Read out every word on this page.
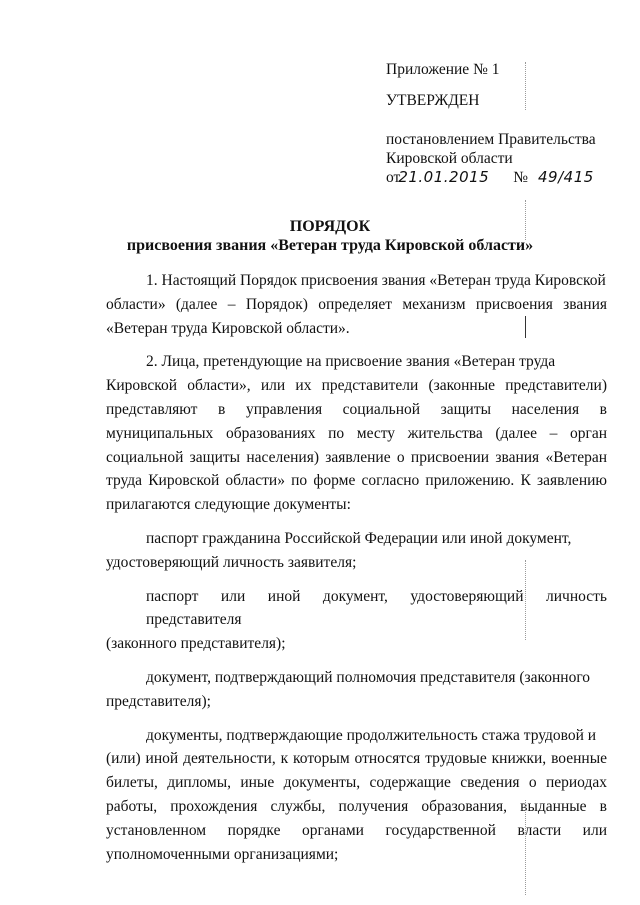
Приложение № 1
УТВЕРЖДЕН
постановлением Правительства
Кировской области
от21.01.2015 № 49/415
ПОРЯДОК
присвоения звания «Ветеран труда Кировской области»
1. Настоящий Порядок присвоения звания «Ветеран труда Кировской
области» (далее – Порядок) определяет механизм присвоения звания «Ветеран труда Кировской области».
2. Лица, претендующие на присвоение звания «Ветеран труда
Кировской области», или их представители (законные представители) представляют в управления социальной защиты населения в муниципальных образованиях по месту жительства (далее – орган социальной защиты населения) заявление о присвоении звания «Ветеран труда Кировской области» по форме согласно приложению. К заявлению прилагаются следующие документы:
паспорт гражданина Российской Федерации или иной документ,
удостоверяющий личность заявителя;
паспорт или иной документ, удостоверяющий личность представителя
(законного представителя);
документ, подтверждающий полномочия представителя (законного
представителя);
документы, подтверждающие продолжительность стажа трудовой и
(или) иной деятельности, к которым относятся трудовые книжки, военные билеты, дипломы, иные документы, содержащие сведения о периодах работы, прохождения службы, получения образования, выданные в установленном порядке органами государственной власти или уполномоченными организациями;
